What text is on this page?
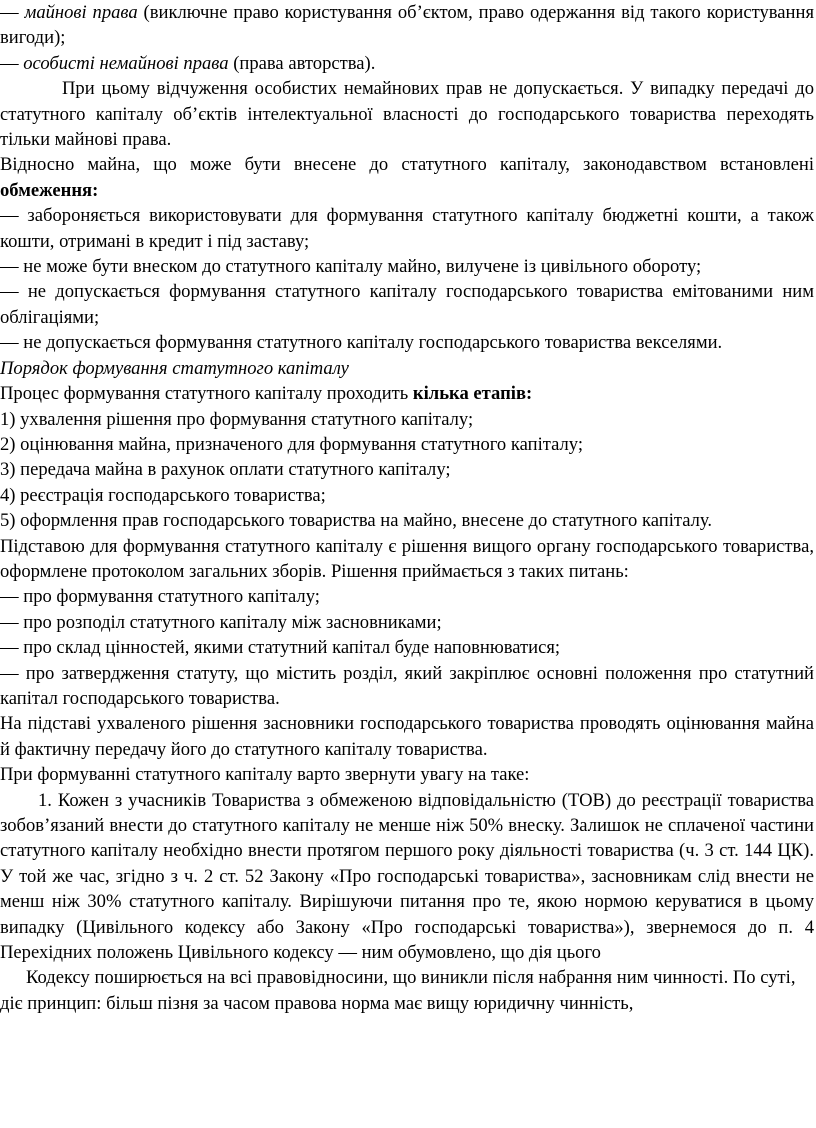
— майнові права (виключне право користування об’єктом, право одержання від такого користування вигоди);

— особисті немайнові права (права авторства).

При цьому відчуження особистих немайнових прав не допускається. У випадку передачі до статутного капіталу об’єктів інтелектуальної власності до господарського товариства переходять тільки майнові права.

Відносно майна, що може бути внесене до статутного капіталу, законодавством встановлені обмеження:

— забороняється використовувати для формування статутного капіталу бюджетні кошти, а також кошти, отримані в кредит і під заставу;

— не може бути внеском до статутного капіталу майно, вилучене із цивільного обороту;

— не допускається формування статутного капіталу господарського товариства емітованими ним облігаціями;

— не допускається формування статутного капіталу господарського товариства векселями.

Порядок формування статутного капіталу

Процес формування статутного капіталу проходить кілька етапів:

1) ухвалення рішення про формування статутного капіталу;

2) оцінювання майна, призначеного для формування статутного капіталу;

3) передача майна в рахунок оплати статутного капіталу;

4) реєстрація господарського товариства;

5) оформлення прав господарського товариства на майно, внесене до статутного капіталу.

Підставою для формування статутного капіталу є рішення вищого органу господарського товариства, оформлене протоколом загальних зборів. Рішення приймається з таких питань:

— про формування статутного капіталу;

— про розподіл статутного капіталу між засновниками;

— про склад цінностей, якими статутний капітал буде наповнюватися;

— про затвердження статуту, що містить розділ, який закріплює основні положення про статутний капітал господарського товариства.

На підставі ухваленого рішення засновники господарського товариства проводять оцінювання майна й фактичну передачу його до статутного капіталу товариства.

При формуванні статутного капіталу варто звернути увагу на таке:

1. Кожен з учасників Товариства з обмеженою відповідальністю (ТОВ) до реєстрації товариства зобов’язаний внести до статутного капіталу не менше ніж 50% внеску. Залишок не сплаченої частини статутного капіталу необхідно внести протягом першого року діяльності товариства (ч. 3 ст. 144 ЦК). У той же час, згідно з ч. 2 ст. 52 Закону «Про господарські товариства», засновникам слід внести не менш ніж 30% статутного капіталу. Вирішуючи питання про те, якою нормою керуватися в цьому випадку (Цивільного кодексу або Закону «Про господарські товариства»), звернемося до п. 4 Перехідних положень Цивільного кодексу — ним обумовлено, що дія цього

Кодексу поширюється на всі правовідносини, що виникли після набрання ним чинності. По суті, діє принцип: більш пізня за часом правова норма має вищу юридичну чинність,
